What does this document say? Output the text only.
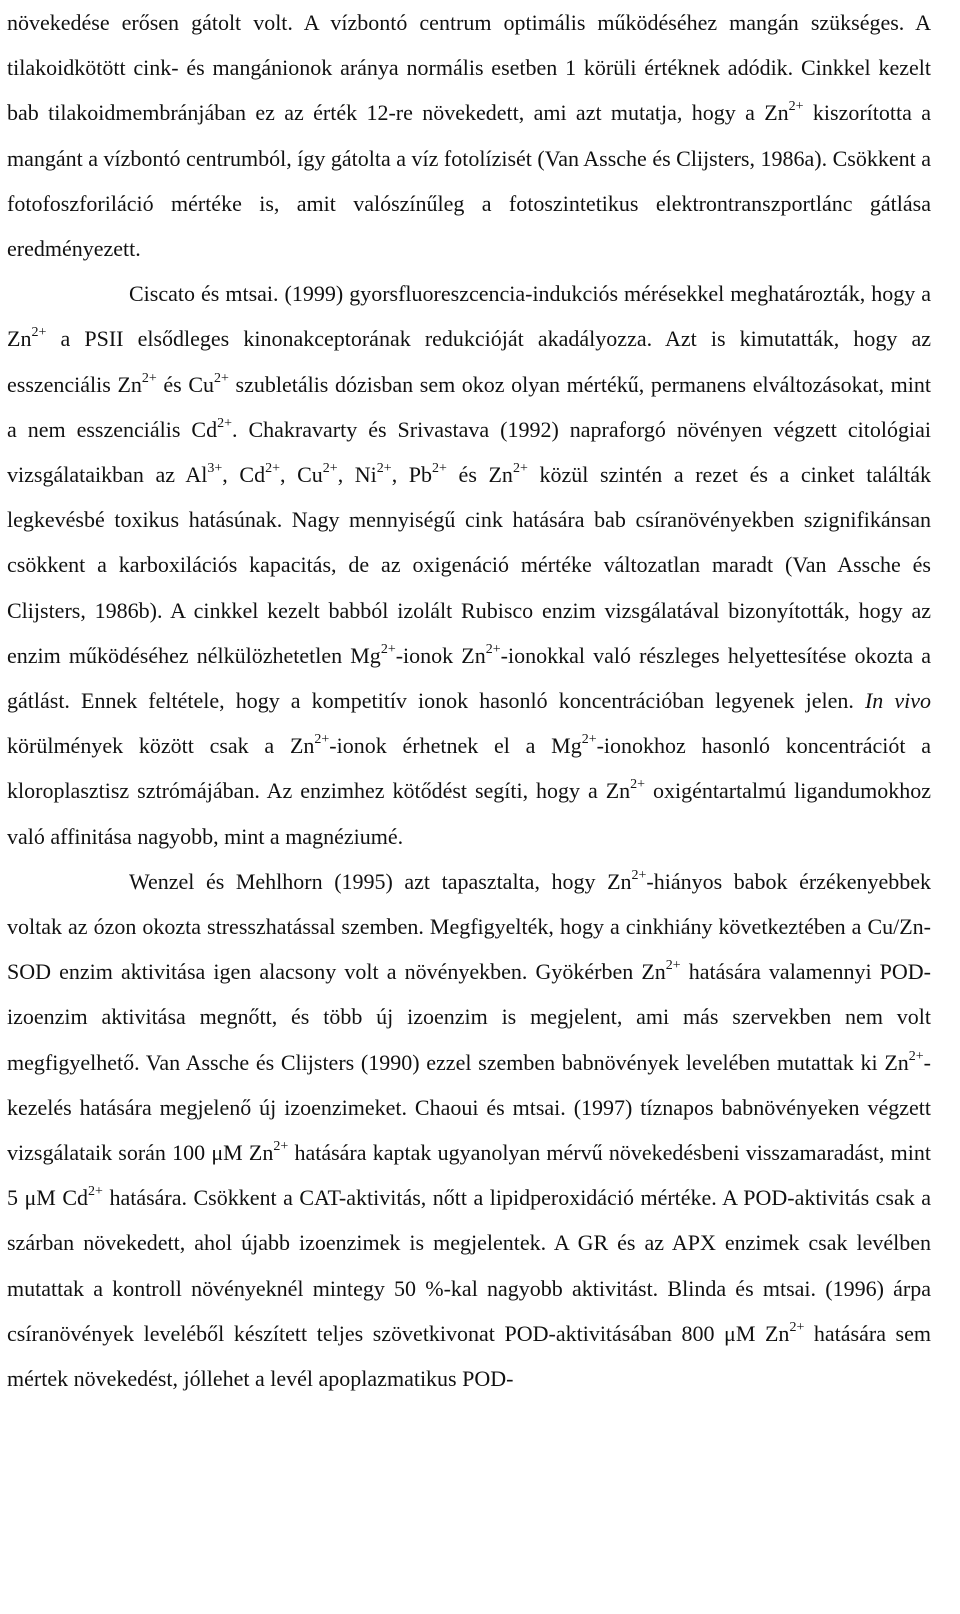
növekedése erősen gátolt volt. A vízbontó centrum optimális működéséhez mangán szükséges. A tilakoidkötött cink- és mangánionok aránya normális esetben 1 körüli értéknek adódik. Cinkkel kezelt bab tilakoidmembránjában ez az érték 12-re növekedett, ami azt mutatja, hogy a $Zn^{2+}$ kiszorította a mangánt a vízbontó centrumból, így gátolta a víz fotolízisét (Van Assche és Clijsters, 1986a). Csökkent a fotofoszforiláció mértéke is, amit valószínűleg a fotoszintetikus elektrontranszportlánc gátlása eredményezett.

Ciscato és mtsai. (1999) gyorsfluoreszcencia-indukciós mérésekkel meghatározták, hogy a $Zn^{2+}$ a PSII elsődleges kinonakceptorának redukcióját akadályozza. Azt is kimutatták, hogy az esszenciális $Zn^{2+}$ és $Cu^{2+}$ szubletális dózisban sem okoz olyan mértékű, permanens elváltozásokat, mint a nem esszenciális $Cd^{2+}$. Chakravarty és Srivastava (1992) napraforgó növényen végzett citológiai vizsgálataikban az $Al^{3+}$, $Cd^{2+}$, $Cu^{2+}$, $Ni^{2+}$, $Pb^{2+}$ és $Zn^{2+}$ közül szintén a rezet és a cinket találták legkevésbé toxikus hatásúnak. Nagy mennyiségű cink hatására bab csíranövényekben szignifikánsan csökkent a karboxilációs kapacitás, de az oxigenáció mértéke változatlan maradt (Van Assche és Clijsters, 1986b). A cinkkel kezelt babból izolált Rubisco enzim vizsgálatával bizonyították, hogy az enzim működéséhez nélkülözhetetlen $Mg^{2+}$-ionok $Zn^{2+}$-ionokkal való részleges helyettesítése okozta a gátlást. Ennek feltétele, hogy a kompetitív ionok hasonló koncentrációban legyenek jelen. In vivo körülmények között csak a $Zn^{2+}$-ionok érhetnek el a $Mg^{2+}$-ionokhoz hasonló koncentrációt a kloroplasztisz sztrómájában. Az enzimhez kötődést segíti, hogy a $Zn^{2+}$ oxigéntartalmú ligandumokhoz való affinitása nagyobb, mint a magnéziumé.

Wenzel és Mehlhorn (1995) azt tapasztalta, hogy $Zn^{2+}$-hiányos babok érzékenyebbek voltak az ózon okozta stresszhatással szemben. Megfigyelték, hogy a cinkhiány következtében a Cu/Zn-SOD enzim aktivitása igen alacsony volt a növényekben. Gyökérben $Zn^{2+}$ hatására valamennyi POD-izoenzim aktivitása megnőtt, és több új izoenzim is megjelent, ami más szervekben nem volt megfigyelhető. Van Assche és Clijsters (1990) ezzel szemben babnövények levelében mutattak ki $Zn^{2+}$-kezelés hatására megjelenő új izoenzimeket. Chaoui és mtsai. (1997) tíznapos babnövényeken végzett vizsgálataik során 100 μM $Zn^{2+}$ hatására kaptak ugyanolyan mérvű növekedésbeni visszamaradást, mint 5 μM $Cd^{2+}$ hatására. Csökkent a CAT-aktivitás, nőtt a lipidperoxidáció mértéke. A POD-aktivitás csak a szárban növekedett, ahol újabb izoenzimek is megjelentek. A GR és az APX enzimek csak levélben mutattak a kontroll növényeknél mintegy 50 %-kal nagyobb aktivitást. Blinda és mtsai. (1996) árpa csíranövények leveléből készített teljes szövetkivonat POD-aktivitásában 800 μM $Zn^{2+}$ hatására sem mértek növekedést, jóllehet a levél apoplazmatikus POD-
